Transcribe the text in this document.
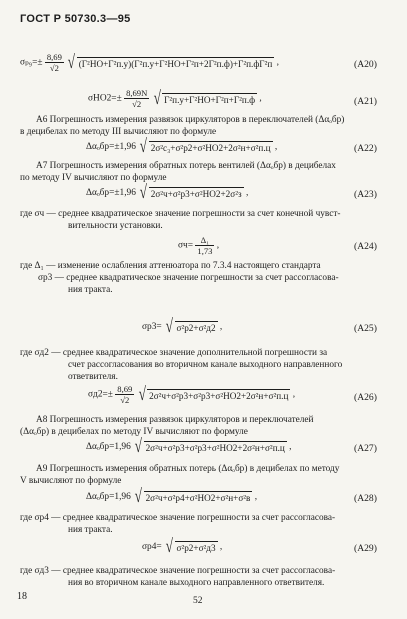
ГОСТ Р 50730.3—95
$\sigma_{p9}=\pm \frac{8,69}{√2}$ √ (Γ²НО+Γ²п.у)(Γ²п.у+Γ²НО+Γ²п+2Γ²п.ф)+Γ²п.фΓ²п ,	(А20)
$\sigma НО2=\pm \frac{8,69N}{√2}$ √ Γ²п.у+Γ²НО+Γ²п+Γ²п.ф ,	(А21)
А6 Погрешность измерения развязок циркуляторов в переключателей (Δαₒбр)
в децибелах по методу III вычисляют по формуле
Δαₒбр=±1,96 √ 2σ²с₃+σ²р2+σ²НО2+2σ²н+σ²п.ц ,	(А22)
А7 Погрешность измерения обратных потерь вентилей (Δαₒбр) в децибелах
по методу IV вычисляют по формуле
Δαₒбр=±1,96 √ 2σ²ч+σ²р3+σ²НО2+2σ²з ,	(А23)
где σч — среднее квадратическое значение погрешности за счет конечной чувст-
вительности установки.
$\sigma ч= \frac{\text{Δ₁}}{1,73}$ ,	(А24)
где Δ₁ — изменение ослабления аттенюатора по 7.3.4 настоящего стандарта
σр3 — среднее квадратическое значение погрешности за счет рассогласова-
ния тракта.
σр3= √ σ²р2+σ²д2 ,	(А25)
где σд2 — среднее квадратическое значение дополнительной погрешности за
счет рассогласования во вторичном канале выходного направленного
ответвителя.
$\sigma д2=\pm \frac{8,69}{√2}$ √ 2σ²ч+σ²р3+σ²р3+σ²НО2+2σ²н+σ²п.ц ,	(А26)
А8 Погрешность измерения развязок циркуляторов и переключателей
(Δαₒбр) в децибелах по методу IV вычисляют по формуле
Δαₒбр=1,96 √ 2σ²ч+σ²р3+σ²р3+σ²НО2+2σ²н+σ²п.ц ,	(А27)
А9 Погрешность измерения обратных потерь (Δαₒбр) в децибелах по методу
V вычисляют по формуле
Δαₒбр=1,96 √ 2σ²ч+σ²р4+σ²НО2+σ²н+σ²в ,	(А28)
где σр4 — среднее квадратическое значение погрешности за счет рассогласова-
ния тракта.
σр4= √ σ²р2+σ²д3 ,	(А29)
где σд3 — среднее квадратическое значение погрешности за счет рассогласова-
ния во вторичном канале выходного направленного ответвителя.
18	52
